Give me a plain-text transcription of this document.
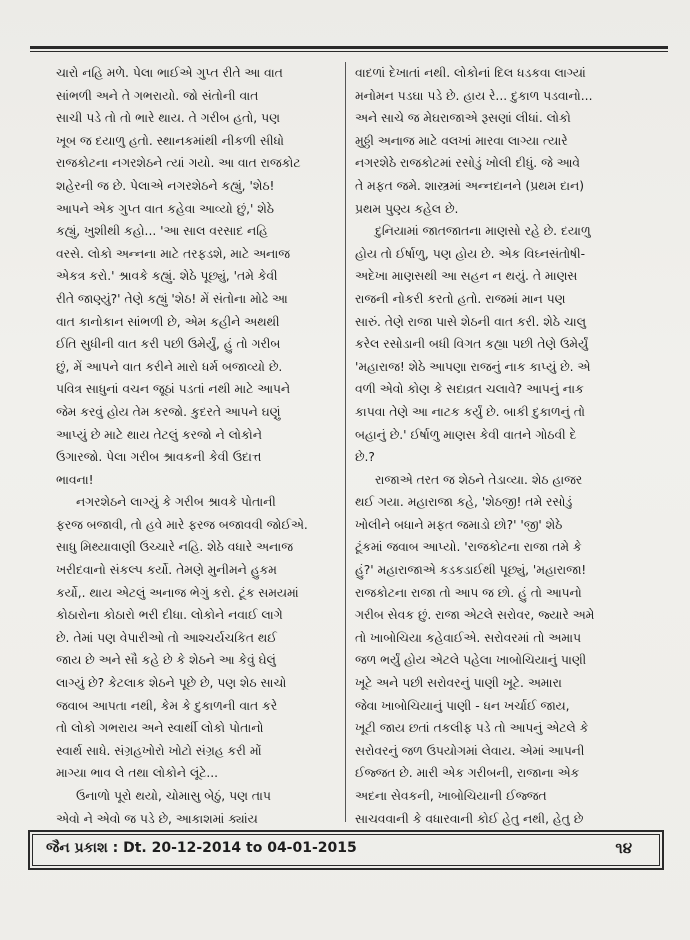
ચારો નહિ મળે. પેલા ભાઈએ ગુપ્ત રીતે આ વાત
સાંભળી અને તે ગભરાયો. જો સંતોની વાત
સાચી પડે તો તો ભારે થાય. તે ગરીબ હતો, પણ
ખૂબ જ દયાળુ હતો. સ્થાનકમાંથી નીકળી સીધો
રાજકોટના નગરશેઠને ત્યાં ગયો. આ વાત રાજકોટ
શહેરની જ છે. પેલાએ નગરશેઠને કહ્યું, 'શેઠ!
આપને એક ગુપ્ત વાત કહેવા આવ્યો છું,' શેઠે
કહ્યું, ખુશીથી કહો... 'આ સાલ વરસાદ નહિ
વરસે. લોકો અન્નના માટે તરફડશે, માટે અનાજ
એકત્ર કરો.' શ્રાવકે કહ્યું. શેઠે પૂછ્યું, 'તમે કેવી
રીતે જાણ્યું?' તેણે કહ્યું 'શેઠ! મેં સંતોના મોઢે આ
વાત કાનોકાન સાંભળી છે, એમ કહીને અથથી
ઈતિ સુધીની વાત કરી પછી ઉમેર્યું, હું તો ગરીબ
છું, મેં આપને વાત કરીને મારો ધર્મ બજાવ્યો છે.
પવિત્ર સાધુનાં વચન જૂઠાં પડતાં નથી માટે આપને
જેમ કરવું હોય તેમ કરજો. કુદરતે આપને ઘણું
આપ્યું છે માટે થાય તેટલું કરજો ને લોકોને
ઉગારજો. પેલા ગરીબ શ્રાવકની કેવી ઉદાત્ત
ભાવના!
નગરશેઠને લાગ્યું કે ગરીબ શ્રાવકે પોતાની
ફરજ બજાવી, તો હવે મારે ફરજ બજાવવી જોઈએ.
સાધુ મિથ્યાવાણી ઉચ્ચારે નહિ. શેઠે વધારે અનાજ
ખરીદવાનો સંકલ્પ કર્યો. તેમણે મુનીમને હુકમ
કર્યો,. થાય એટલું અનાજ ભેગું કરો. ટૂંક સમયમાં
કોઠારોના કોઠારો ભરી દીધા. લોકોને નવાઈ લાગે
છે. તેમાં પણ વેપારીઓ તો આશ્ચર્યચકિત થઈ
જાય છે અને સૌ કહે છે કે શેઠને આ કેવું ઘેલું
લાગ્યું છે? કેટલાક શેઠને પૂછે છે, પણ શેઠ સાચો
જવાબ આપતા નથી, કેમ કે દુકાળની વાત કરે
તો લોકો ગભરાય અને સ્વાર્થી લોકો પોતાનો
સ્વાર્થ સાધે. સંગ્રહખોરો ખોટો સંગ્રહ કરી મોં
માગ્યા ભાવ લે તથા લોકોને લૂંટે...
ઉનાળો પૂરો થયો, ચોમાસુ બેઠું, પણ તાપ
એવો ને એવો જ પડે છે, આકાશમાં ક્યાંય
વાદળાં દેખાતાં નથી. લોકોનાં દિલ ધડકવા લાગ્યાં
મનોમન પડઘા પડે છે. હાય રે... દુકાળ પડવાનો...
અને સાચે જ મેઘરાજાએ રૂસણાં લીધાં. લોકો
મુઠ્ઠી અનાજ માટે વલખાં મારવા લાગ્યા ત્યારે
નગરશેઠે રાજકોટમાં રસોડું ખોલી દીધું. જે આવે
તે મફત જમે. શાસ્ત્રમાં અન્નદાનને (પ્રથમ દાન)
પ્રથમ પુણ્ય કહેલ છે.
દુનિયામાં જાતજાતના માણસો રહે છે. દયાળુ
હોય તો ઈર્ષાળુ, પણ હોય છે. એક વિઘ્નસંતોષી-
અદેખા માણસથી આ સહન ન થયું. તે માણસ
રાજની નોકરી કરતો હતો. રાજમાં માન પણ
સારું. તેણે રાજા પાસે શેઠની વાત કરી. શેઠે ચાલુ
કરેલ રસોડાની બધી વિગત કહ્યા પછી તેણે ઉમેર્યું
'મહારાજ! શેઠે આપણા રાજનું નાક કાપ્યું છે. એ
વળી એવો કોણ કે સદાવ્રત ચલાવે? આપનું નાક
કાપવા તેણે આ નાટક કર્યું છે. બાકી દુકાળનું તો
બહાનું છે.' ઈર્ષાળુ માણસ કેવી વાતને ગોઠવી દે
છે.?
રાજાએ તરત જ શેઠને તેડાવ્યા. શેઠ હાજર
થઈ ગયા. મહારાજા કહે, 'શેઠજી! તમે રસોડું
ખોલીને બધાને મફત જમાડો છો?' 'જી' શેઠે
ટૂંકમાં જવાબ આપ્યો. 'રાજકોટના રાજા તમે કે
હું?' મહારાજાએ કડકડાઈથી પૂછ્યું, 'મહારાજા!
રાજકોટના રાજા તો આપ જ છો. હું તો આપનો
ગરીબ સેવક છું. રાજા એટલે સરોવર, જ્યારે અમે
તો ખાબોચિયા કહેવાઈએ. સરોવરમાં તો અમાપ
જળ ભર્યું હોય એટલે પહેલા ખાબોચિયાનું પાણી
ખૂટે અને પછી સરોવરનું પાણી ખૂટે. અમારા
જેવા ખાબોચિયાનું પાણી - ધન ખર્ચાઈ જાય,
ખૂટી જાય છતાં તકલીફ પડે તો આપનું એટલે કે
સરોવરનું જળ ઉપયોગમાં લેવાય. એમાં આપની
ઈજ્જત છે. મારી એક ગરીબની, રાજાના એક
અદના સેવકની, ખાબોચિયાની ઈજ્જત
સાચવવાની કે વધારવાની કોઈ હેતુ નથી, હેતુ છે
જૈન પ્રકાશ : Dt. 20-12-2014 to 04-01-2015	૧૪
